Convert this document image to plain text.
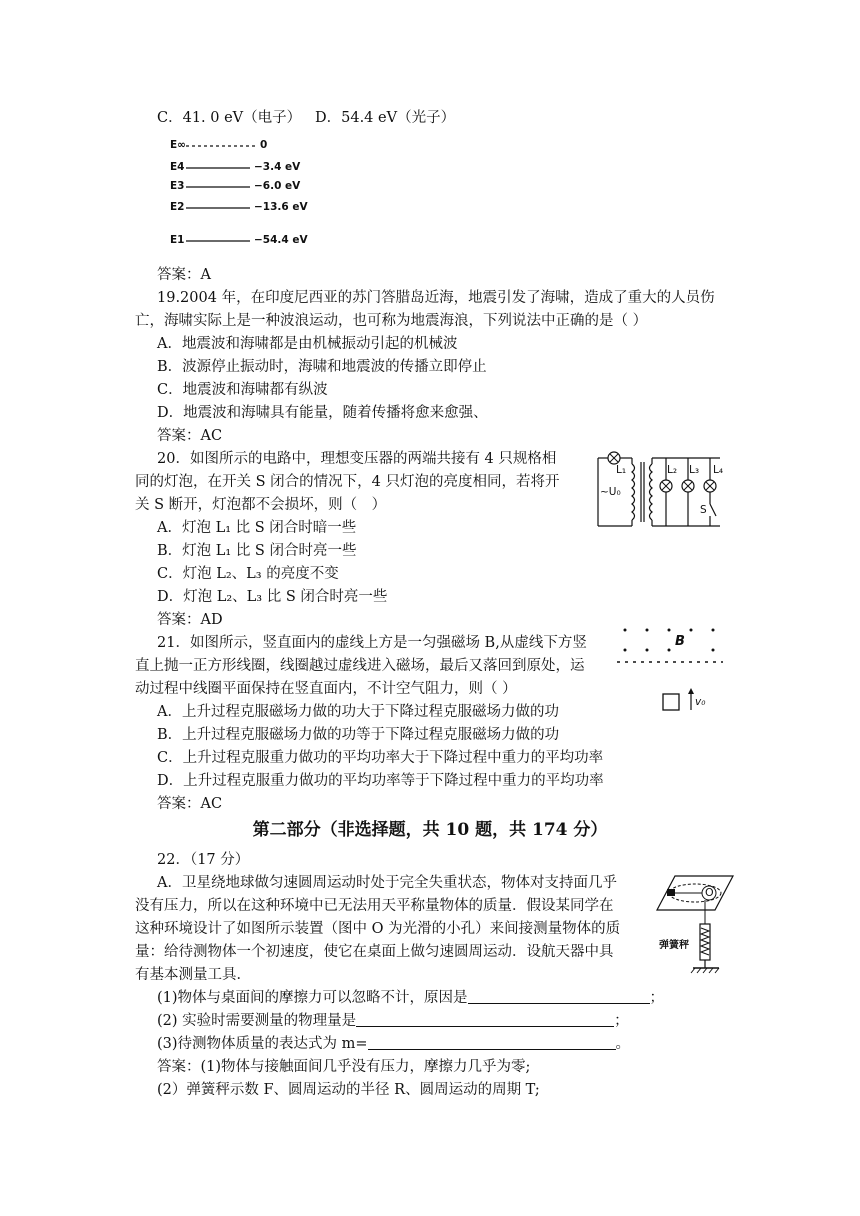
C．41. 0 eV（电子） D．54.4 eV（光子）
E∞	0
E4	−3.4 eV
E3	−6.0 eV
E2	−13.6 eV
E1	−54.4 eV
答案：A
19.2004 年，在印度尼西亚的苏门答腊岛近海，地震引发了海啸，造成了重大的人员伤
亡，海啸实际上是一种波浪运动，也可称为地震海浪，下列说法中正确的是（ ）
A．地震波和海啸都是由机械振动引起的机械波
B．波源停止振动时，海啸和地震波的传播立即停止
C．地震波和海啸都有纵波
D．地震波和海啸具有能量，随着传播将愈来愈强、
答案：AC
20．如图所示的电路中，理想变压器的两端共接有 4 只规格相
同的灯泡，在开关 S 闭合的情况下，4 只灯泡的亮度相同，若将开
关 S 断开，灯泡都不会损坏，则（　）
A．灯泡 L₁ 比 S 闭合时暗一些
B．灯泡 L₁ 比 S 闭合时亮一些
C．灯泡 L₂、L₃ 的亮度不变
D．灯泡 L₂、L₃ 比 S 闭合时亮一些
答案：AD
L₁	L₂ L₃ L₄
~U₀
S
21．如图所示，竖直面内的虚线上方是一匀强磁场 B,从虚线下方竖
直上抛一正方形线圈，线圈越过虚线进入磁场，最后又落回到原处，运
动过程中线圈平面保持在竖直面内，不计空气阻力，则（ ）
A．上升过程克服磁场力做的功大于下降过程克服磁场力做的功
B．上升过程克服磁场力做的功等于下降过程克服磁场力做的功
C．上升过程克服重力做功的平均功率大于下降过程中重力的平均功率
D．上升过程克服重力做功的平均功率等于下降过程中重力的平均功率
答案：AC
B
v₀
第二部分（非选择题，共 10 题，共 174 分）
22．（17 分）
A．卫星绕地球做匀速圆周运动时处于完全失重状态，物体对支持面几乎
没有压力，所以在这种环境中已无法用天平称量物体的质量．假设某同学在
这种环境设计了如图所示装置（图中 O 为光滑的小孔）来间接测量物体的质
量：给待测物体一个初速度，使它在桌面上做匀速圆周运动．设航天器中具
有基本测量工具．
(1)物体与桌面间的摩擦力可以忽略不计，原因是	；
(2) 实验时需要测量的物理量是	；
(3)待测物体质量的表达式为 m=	。
答案：(1)物体与接触面间几乎没有压力，摩擦力几乎为零;
(2）弹簧秤示数 F、圆周运动的半径 R、圆周运动的周期 T;
O
弹簧秤
